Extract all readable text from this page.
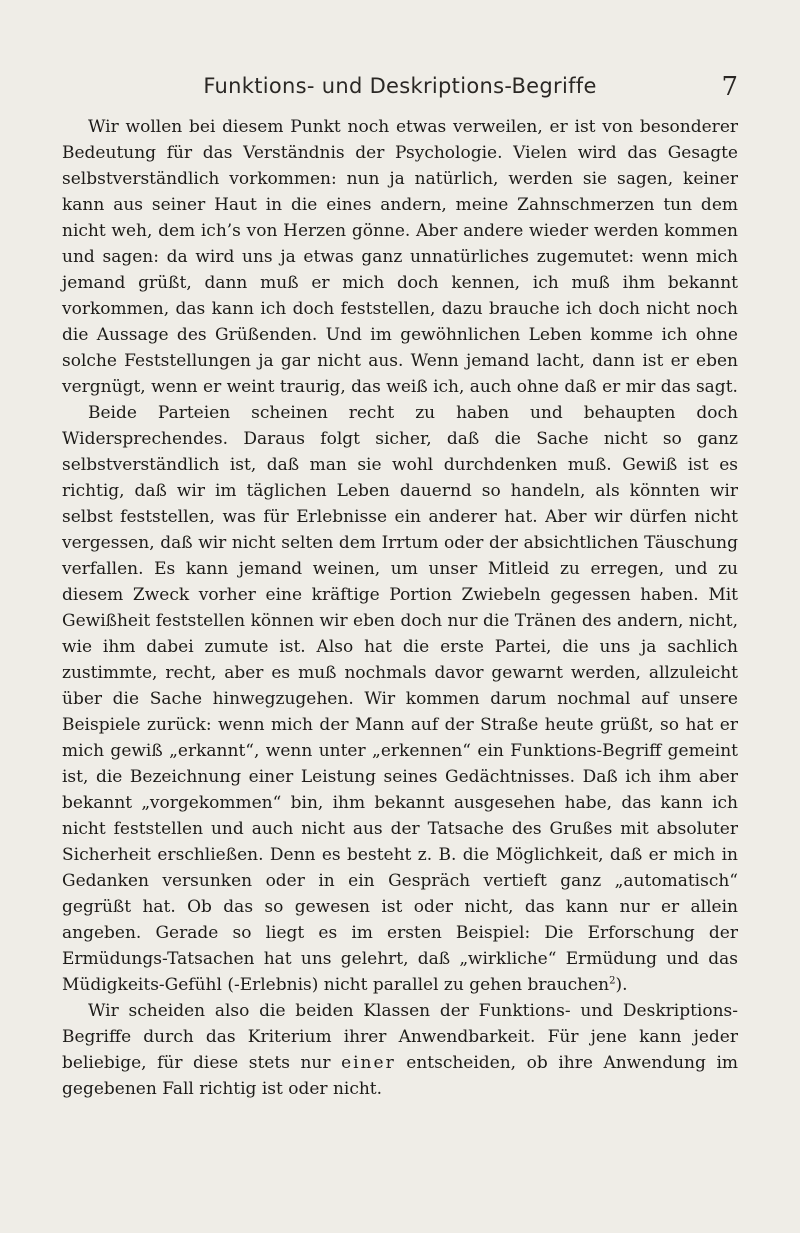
Funktions- und Deskriptions-Begriffe	7

Wir wollen bei diesem Punkt noch etwas verweilen, er ist von besonderer Bedeutung für das Verständnis der Psychologie. Vielen wird das Gesagte selbstverständlich vorkommen: nun ja natürlich, werden sie sagen, keiner kann aus seiner Haut in die eines andern, meine Zahnschmerzen tun dem nicht weh, dem ich’s von Herzen gönne. Aber andere wieder werden kommen und sagen: da wird uns ja etwas ganz unnatürliches zugemutet: wenn mich jemand grüßt, dann muß er mich doch kennen, ich muß ihm bekannt vorkommen, das kann ich doch feststellen, dazu brauche ich doch nicht noch die Aussage des Grüßenden. Und im gewöhnlichen Leben komme ich ohne solche Feststellungen ja gar nicht aus. Wenn jemand lacht, dann ist er eben vergnügt, wenn er weint traurig, das weiß ich, auch ohne daß er mir das sagt.

Beide Parteien scheinen recht zu haben und behaupten doch Widersprechendes. Daraus folgt sicher, daß die Sache nicht so ganz selbstverständlich ist, daß man sie wohl durchdenken muß. Gewiß ist es richtig, daß wir im täglichen Leben dauernd so handeln, als könnten wir selbst feststellen, was für Erlebnisse ein anderer hat. Aber wir dürfen nicht vergessen, daß wir nicht selten dem Irrtum oder der absichtlichen Täuschung verfallen. Es kann jemand weinen, um unser Mitleid zu erregen, und zu diesem Zweck vorher eine kräftige Portion Zwiebeln gegessen haben. Mit Gewißheit feststellen können wir eben doch nur die Tränen des andern, nicht, wie ihm dabei zumute ist. Also hat die erste Partei, die uns ja sachlich zustimmte, recht, aber es muß nochmals davor gewarnt werden, allzuleicht über die Sache hinwegzugehen. Wir kommen darum nochmal auf unsere Beispiele zurück: wenn mich der Mann auf der Straße heute grüßt, so hat er mich gewiß „erkannt“, wenn unter „erkennen“ ein Funktions-Begriff gemeint ist, die Bezeichnung einer Leistung seines Gedächtnisses. Daß ich ihm aber bekannt „vorgekommen“ bin, ihm bekannt ausgesehen habe, das kann ich nicht feststellen und auch nicht aus der Tatsache des Grußes mit absoluter Sicherheit erschließen. Denn es besteht z. B. die Möglichkeit, daß er mich in Gedanken versunken oder in ein Gespräch vertieft ganz „automatisch“ gegrüßt hat. Ob das so gewesen ist oder nicht, das kann nur er allein angeben. Gerade so liegt es im ersten Beispiel: Die Erforschung der Ermüdungs-Tatsachen hat uns gelehrt, daß „wirkliche“ Ermüdung und das Müdigkeits-Gefühl (-Erlebnis) nicht parallel zu gehen brauchen$^2$).

Wir scheiden also die beiden Klassen der Funktions- und Deskriptions-Begriffe durch das Kriterium ihrer Anwendbarkeit. Für jene kann jeder beliebige, für diese stets nur einer entscheiden, ob ihre Anwendung im gegebenen Fall richtig ist oder nicht.
